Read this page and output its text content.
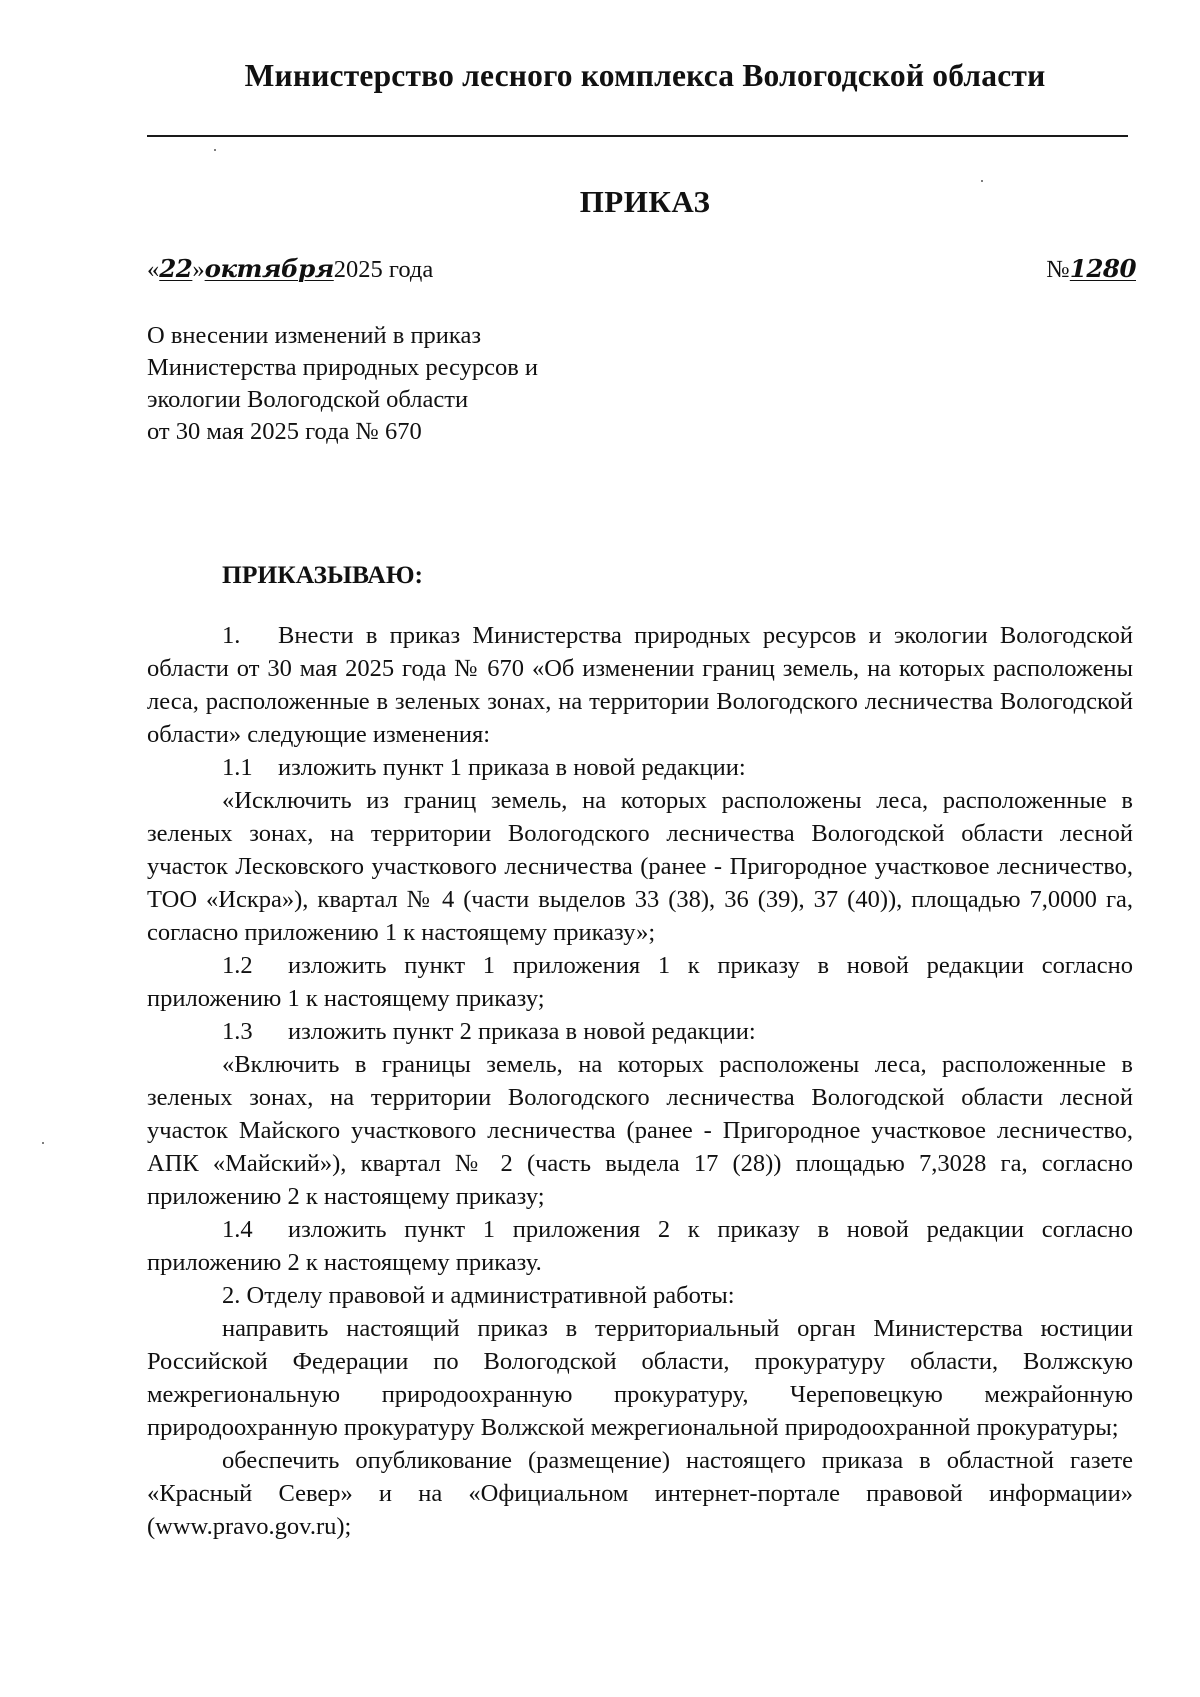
Министерство лесного комплекса Вологодской области
ПРИКАЗ
«22»октября2025 года	№1280
О внесении изменений в приказ
Министерства природных ресурсов и
экологии Вологодской области
от 30 мая 2025 года № 670
ПРИКАЗЫВАЮ:

1. Внести в приказ Министерства природных ресурсов и экологии Вологодской области от 30 мая 2025 года № 670 «Об изменении границ земель, на которых расположены леса, расположенные в зеленых зонах, на территории Вологодского лесничества Вологодской области» следующие изменения:

1.1 изложить пункт 1 приказа в новой редакции:

«Исключить из границ земель, на которых расположены леса, расположенные в зеленых зонах, на территории Вологодского лесничества Вологодской области лесной участок Лесковского участкового лесничества (ранее - Пригородное участковое лесничество, ТОО «Искра»), квартал № 4 (части выделов 33 (38), 36 (39), 37 (40)), площадью 7,0000 га, согласно приложению 1 к настоящему приказу»;

1.2 изложить пункт 1 приложения 1 к приказу в новой редакции согласно приложению 1 к настоящему приказу;

1.3 изложить пункт 2 приказа в новой редакции:

«Включить в границы земель, на которых расположены леса, расположенные в зеленых зонах, на территории Вологодского лесничества Вологодской области лесной участок Майского участкового лесничества (ранее - Пригородное участковое лесничество, АПК «Майский»), квартал № 2 (часть выдела 17 (28)) площадью 7,3028 га, согласно приложению 2 к настоящему приказу;

1.4 изложить пункт 1 приложения 2 к приказу в новой редакции согласно приложению 2 к настоящему приказу.

2. Отделу правовой и административной работы:

направить настоящий приказ в территориальный орган Министерства юстиции Российской Федерации по Вологодской области, прокуратуру области, Волжскую межрегиональную природоохранную прокуратуру, Череповецкую межрайонную природоохранную прокуратуру Волжской межрегиональной природоохранной прокуратуры;

обеспечить опубликование (размещение) настоящего приказа в областной газете «Красный Север» и на «Официальном интернет-портале правовой информации» (www.pravo.gov.ru);
